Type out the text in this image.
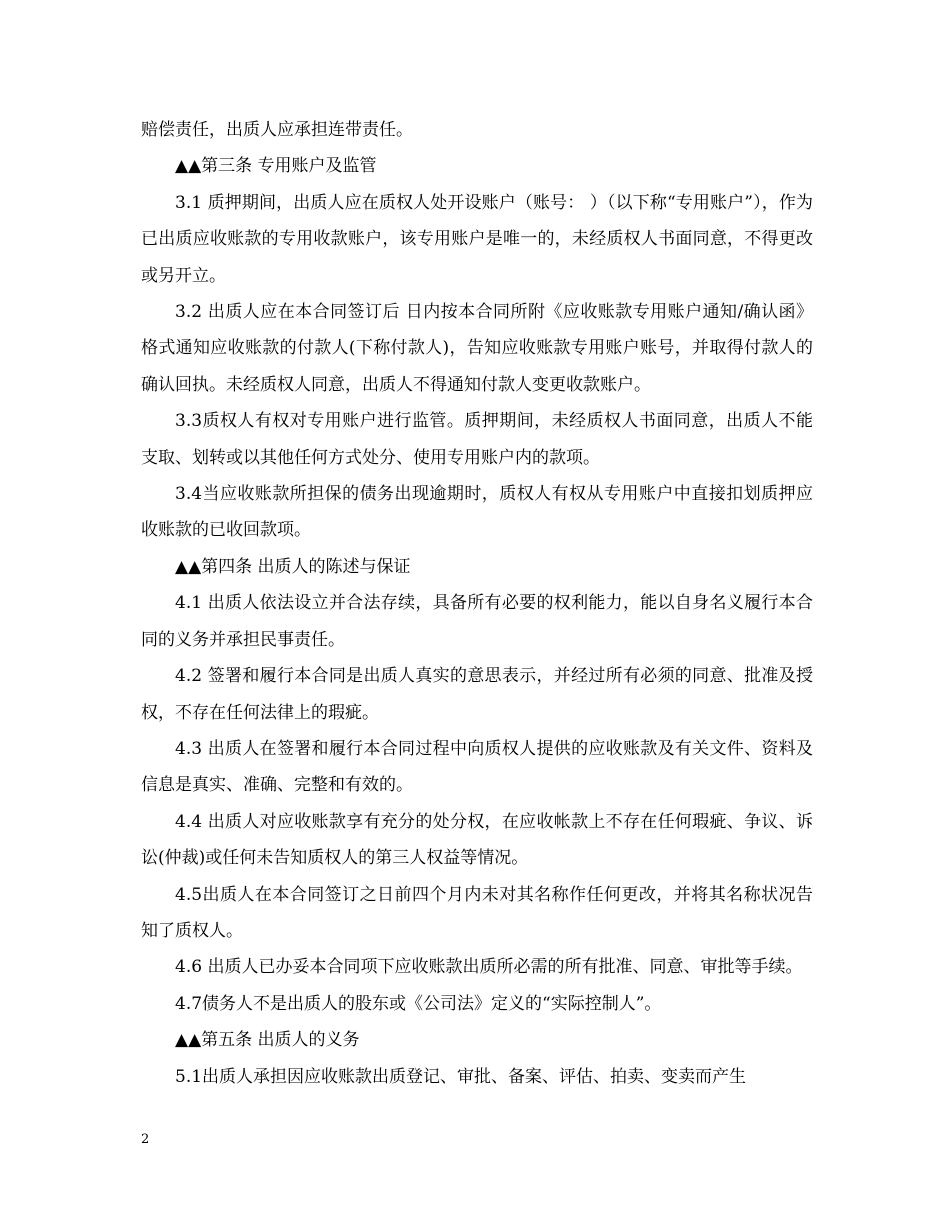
赔偿责任，出质人应承担连带责任。

▲▲第三条 专用账户及监管

3.1 质押期间，出质人应在质权人处开设账户（账号： ）（以下称“专用账户”），作为已出质应收账款的专用收款账户，该专用账户是唯一的，未经质权人书面同意，不得更改或另开立。

3.2 出质人应在本合同签订后 日内按本合同所附《应收账款专用账户通知/确认函》格式通知应收账款的付款人(下称付款人)，告知应收账款专用账户账号，并取得付款人的确认回执。未经质权人同意，出质人不得通知付款人变更收款账户。

3.3质权人有权对专用账户进行监管。质押期间，未经质权人书面同意，出质人不能支取、划转或以其他任何方式处分、使用专用账户内的款项。

3.4当应收账款所担保的债务出现逾期时，质权人有权从专用账户中直接扣划质押应收账款的已收回款项。

▲▲第四条 出质人的陈述与保证

4.1 出质人依法设立并合法存续，具备所有必要的权利能力，能以自身名义履行本合同的义务并承担民事责任。

4.2 签署和履行本合同是出质人真实的意思表示，并经过所有必须的同意、批准及授权，不存在任何法律上的瑕疵。

4.3 出质人在签署和履行本合同过程中向质权人提供的应收账款及有关文件、资料及信息是真实、准确、完整和有效的。

4.4 出质人对应收账款享有充分的处分权，在应收帐款上不存在任何瑕疵、争议、诉讼(仲裁)或任何未告知质权人的第三人权益等情况。

4.5出质人在本合同签订之日前四个月内未对其名称作任何更改，并将其名称状况告知了质权人。

4.6 出质人已办妥本合同项下应收账款出质所必需的所有批准、同意、审批等手续。

4.7债务人不是出质人的股东或《公司法》定义的“实际控制人”。

▲▲第五条 出质人的义务

5.1出质人承担因应收账款出质登记、审批、备案、评估、拍卖、变卖而产生

2
